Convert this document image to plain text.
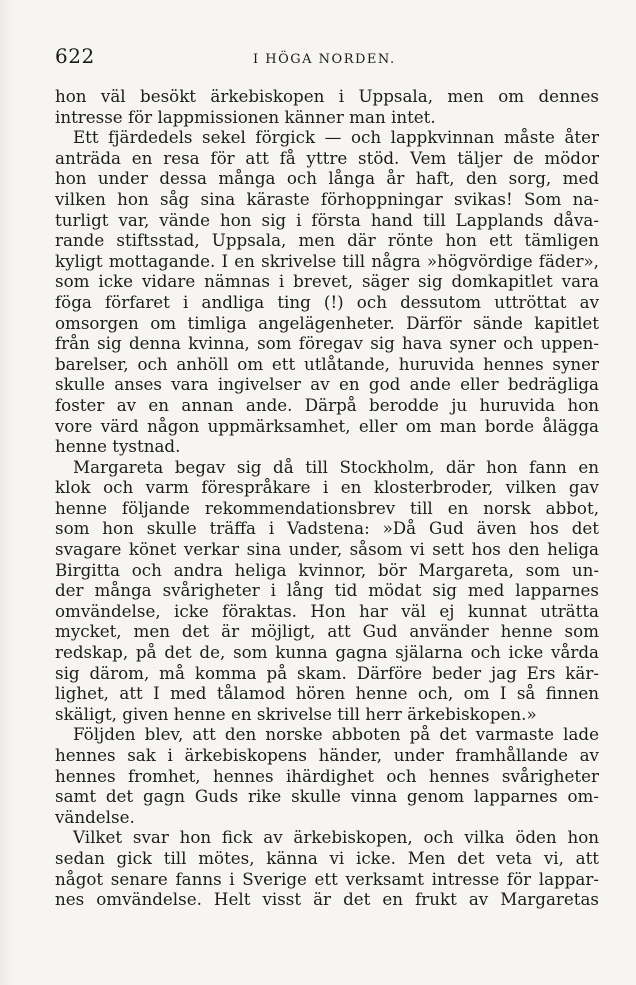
622	I HÖGA NORDEN.
hon väl besökt ärkebiskopen i Uppsala, men om dennes
intresse för lappmissionen känner man intet.
Ett fjärdedels sekel förgick — och lappkvinnan måste åter
anträda en resa för att få yttre stöd. Vem täljer de mödor
hon under dessa många och långa år haft, den sorg, med
vilken hon såg sina käraste förhoppningar svikas! Som na-
turligt var, vände hon sig i första hand till Lapplands dåva-
rande stiftsstad, Uppsala, men där rönte hon ett tämligen
kyligt mottagande. I en skrivelse till några »högvördige fäder»,
som icke vidare nämnas i brevet, säger sig domkapitlet vara
föga förfaret i andliga ting (!) och dessutom uttröttat av
omsorgen om timliga angelägenheter. Därför sände kapitlet
från sig denna kvinna, som föregav sig hava syner och uppen-
barelser, och anhöll om ett utlåtande, huruvida hennes syner
skulle anses vara ingivelser av en god ande eller bedrägliga
foster av en annan ande. Därpå berodde ju huruvida hon
vore värd någon uppmärksamhet, eller om man borde ålägga
henne tystnad.
Margareta begav sig då till Stockholm, där hon fann en
klok och varm förespråkare i en klosterbroder, vilken gav
henne följande rekommendationsbrev till en norsk abbot,
som hon skulle träffa i Vadstena: »Då Gud även hos det
svagare könet verkar sina under, såsom vi sett hos den heliga
Birgitta och andra heliga kvinnor, bör Margareta, som un-
der många svårigheter i lång tid mödat sig med lapparnes
omvändelse, icke föraktas. Hon har väl ej kunnat uträtta
mycket, men det är möjligt, att Gud använder henne som
redskap, på det de, som kunna gagna själarna och icke vårda
sig därom, må komma på skam. Därföre beder jag Ers kär-
lighet, att I med tålamod hören henne och, om I så finnen
skäligt, given henne en skrivelse till herr ärkebiskopen.»
Följden blev, att den norske abboten på det varmaste lade
hennes sak i ärkebiskopens händer, under framhållande av
hennes fromhet, hennes ihärdighet och hennes svårigheter
samt det gagn Guds rike skulle vinna genom lapparnes om-
vändelse.
Vilket svar hon fick av ärkebiskopen, och vilka öden hon
sedan gick till mötes, känna vi icke. Men det veta vi, att
något senare fanns i Sverige ett verksamt intresse för lappar-
nes omvändelse. Helt visst är det en frukt av Margaretas
